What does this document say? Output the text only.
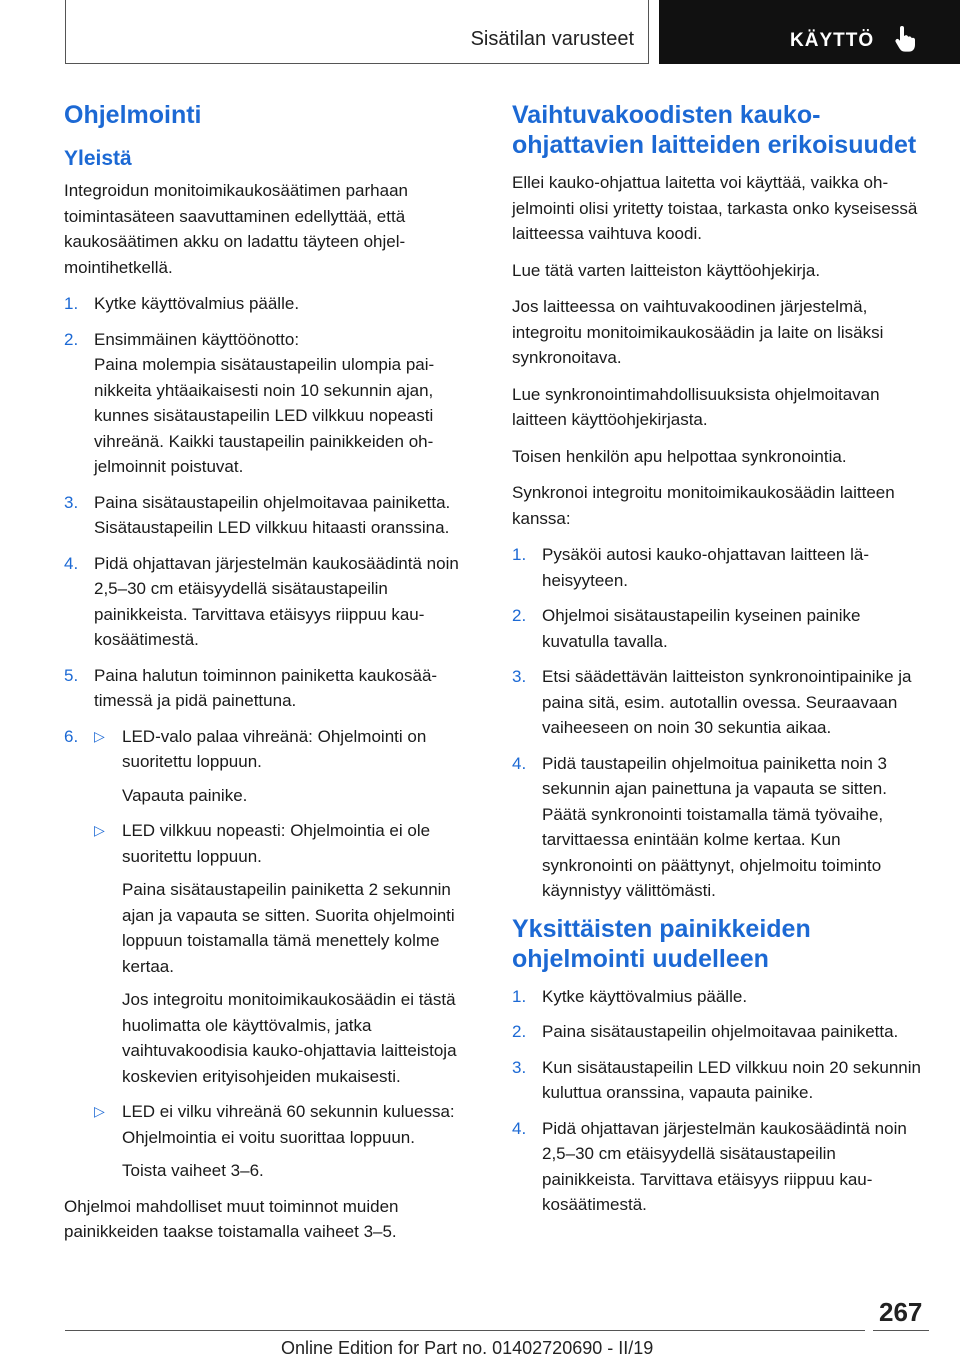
Sisätilan varusteet	KÄYTTÖ
Ohjelmointi
Yleistä

Integroidun monitoimikaukosäätimen parhaan toimintasäteen saavuttaminen edellyttää, että kaukosäätimen akku on ladattu täyteen ohjelmointihetkellä.

1. Kytke käyttövalmius päälle.
2. Ensimmäinen käyttöönotto:

Paina molempia sisätaustapeilin ulompia painikkeita yhtäaikaisesti noin 10 sekunnin ajan, kunnes sisätaustapeilin LED vilkkuu nopeasti vihreänä. Kaikki taustapeilin painikkeiden ohjelmoinnit poistuvat.

3. Paina sisätaustapeilin ohjelmoitavaa painiketta. Sisätaustapeilin LED vilkkuu hitaasti oranssina.
4. Pidä ohjattavan järjestelmän kaukosäädintä noin 2,5–30 cm etäisyydellä sisätaustapeilin painikkeista. Tarvittava etäisyys riippuu kaukosäätimestä.
5. Paina halutun toiminnon painiketta kaukosäätimessä ja pidä painettuna.
6. ▷ LED-valo palaa vihreänä: Ohjelmointi on suoritettu loppuun.

Vapauta painike.

▷ LED vilkkuu nopeasti: Ohjelmointia ei ole suoritettu loppuun.

Paina sisätaustapeilin painiketta 2 sekunnin ajan ja vapauta se sitten. Suorita ohjelmointi loppuun toistamalla tämä menettely kolme kertaa.

Jos integroitu monitoimikaukosäädin ei tästä huolimatta ole käyttövalmis, jatka vaihtuvakoodisia kauko-ohjattavia laitteistoja koskevien erityisohjeiden mukaisesti.

▷ LED ei vilku vihreänä 60 sekunnin kuluessa: Ohjelmointia ei voitu suorittaa loppuun.

Toista vaiheet 3–6.

Ohjelmoi mahdolliset muut toiminnot muiden painikkeiden taakse toistamalla vaiheet 3–5.

Vaihtuvakoodisten kaukoohjattavien laitteiden erikoisuudet

Ellei kauko-ohjattua laitetta voi käyttää, vaikka ohjelmointi olisi yritetty toistaa, tarkasta onko kyseisessä laitteessa vaihtuva koodi.

Lue tätä varten laitteiston käyttöohjekirja.

Jos laitteessa on vaihtuvakoodinen järjestelmä, integroitu monitoimikaukosäädin ja laite on lisäksi synkronoitava.

Lue synkronointimahdollisuuksista ohjelmoitavan laitteen käyttöohjekirjasta.

Toisen henkilön apu helpottaa synkronointia.

Synkronoi integroitu monitoimikaukosäädin laitteen kanssa:

1. Pysäköi autosi kauko-ohjattavan laitteen läheisyyteen.
2. Ohjelmoi sisätaustapeilin kyseinen painike kuvatulla tavalla.
3. Etsi säädettävän laitteiston synkronointipainike ja paina sitä, esim. autotallin ovessa. Seuraavaan vaiheeseen on noin 30 sekuntia aikaa.
4. Pidä taustapeilin ohjelmoitua painiketta noin 3 sekunnin ajan painettuna ja vapauta se sitten. Päätä synkronointi toistamalla tämä työvaihe, tarvittaessa enintään kolme kertaa. Kun synkronointi on päättynyt, ohjelmoitu toiminto käynnistyy välittömästi.
Yksittäisten painikkeiden ohjelmointi uudelleen
1. Kytke käyttövalmius päälle.
2. Paina sisätaustapeilin ohjelmoitavaa painiketta.
3. Kun sisätaustapeilin LED vilkkuu noin 20 sekunnin kuluttua oranssina, vapauta painike.
4. Pidä ohjattavan järjestelmän kaukosäädintä noin 2,5–30 cm etäisyydellä sisätaustapeilin painikkeista. Tarvittava etäisyys riippuu kaukosäätimestä.
267
Online Edition for Part no. 01402720690 - II/19
